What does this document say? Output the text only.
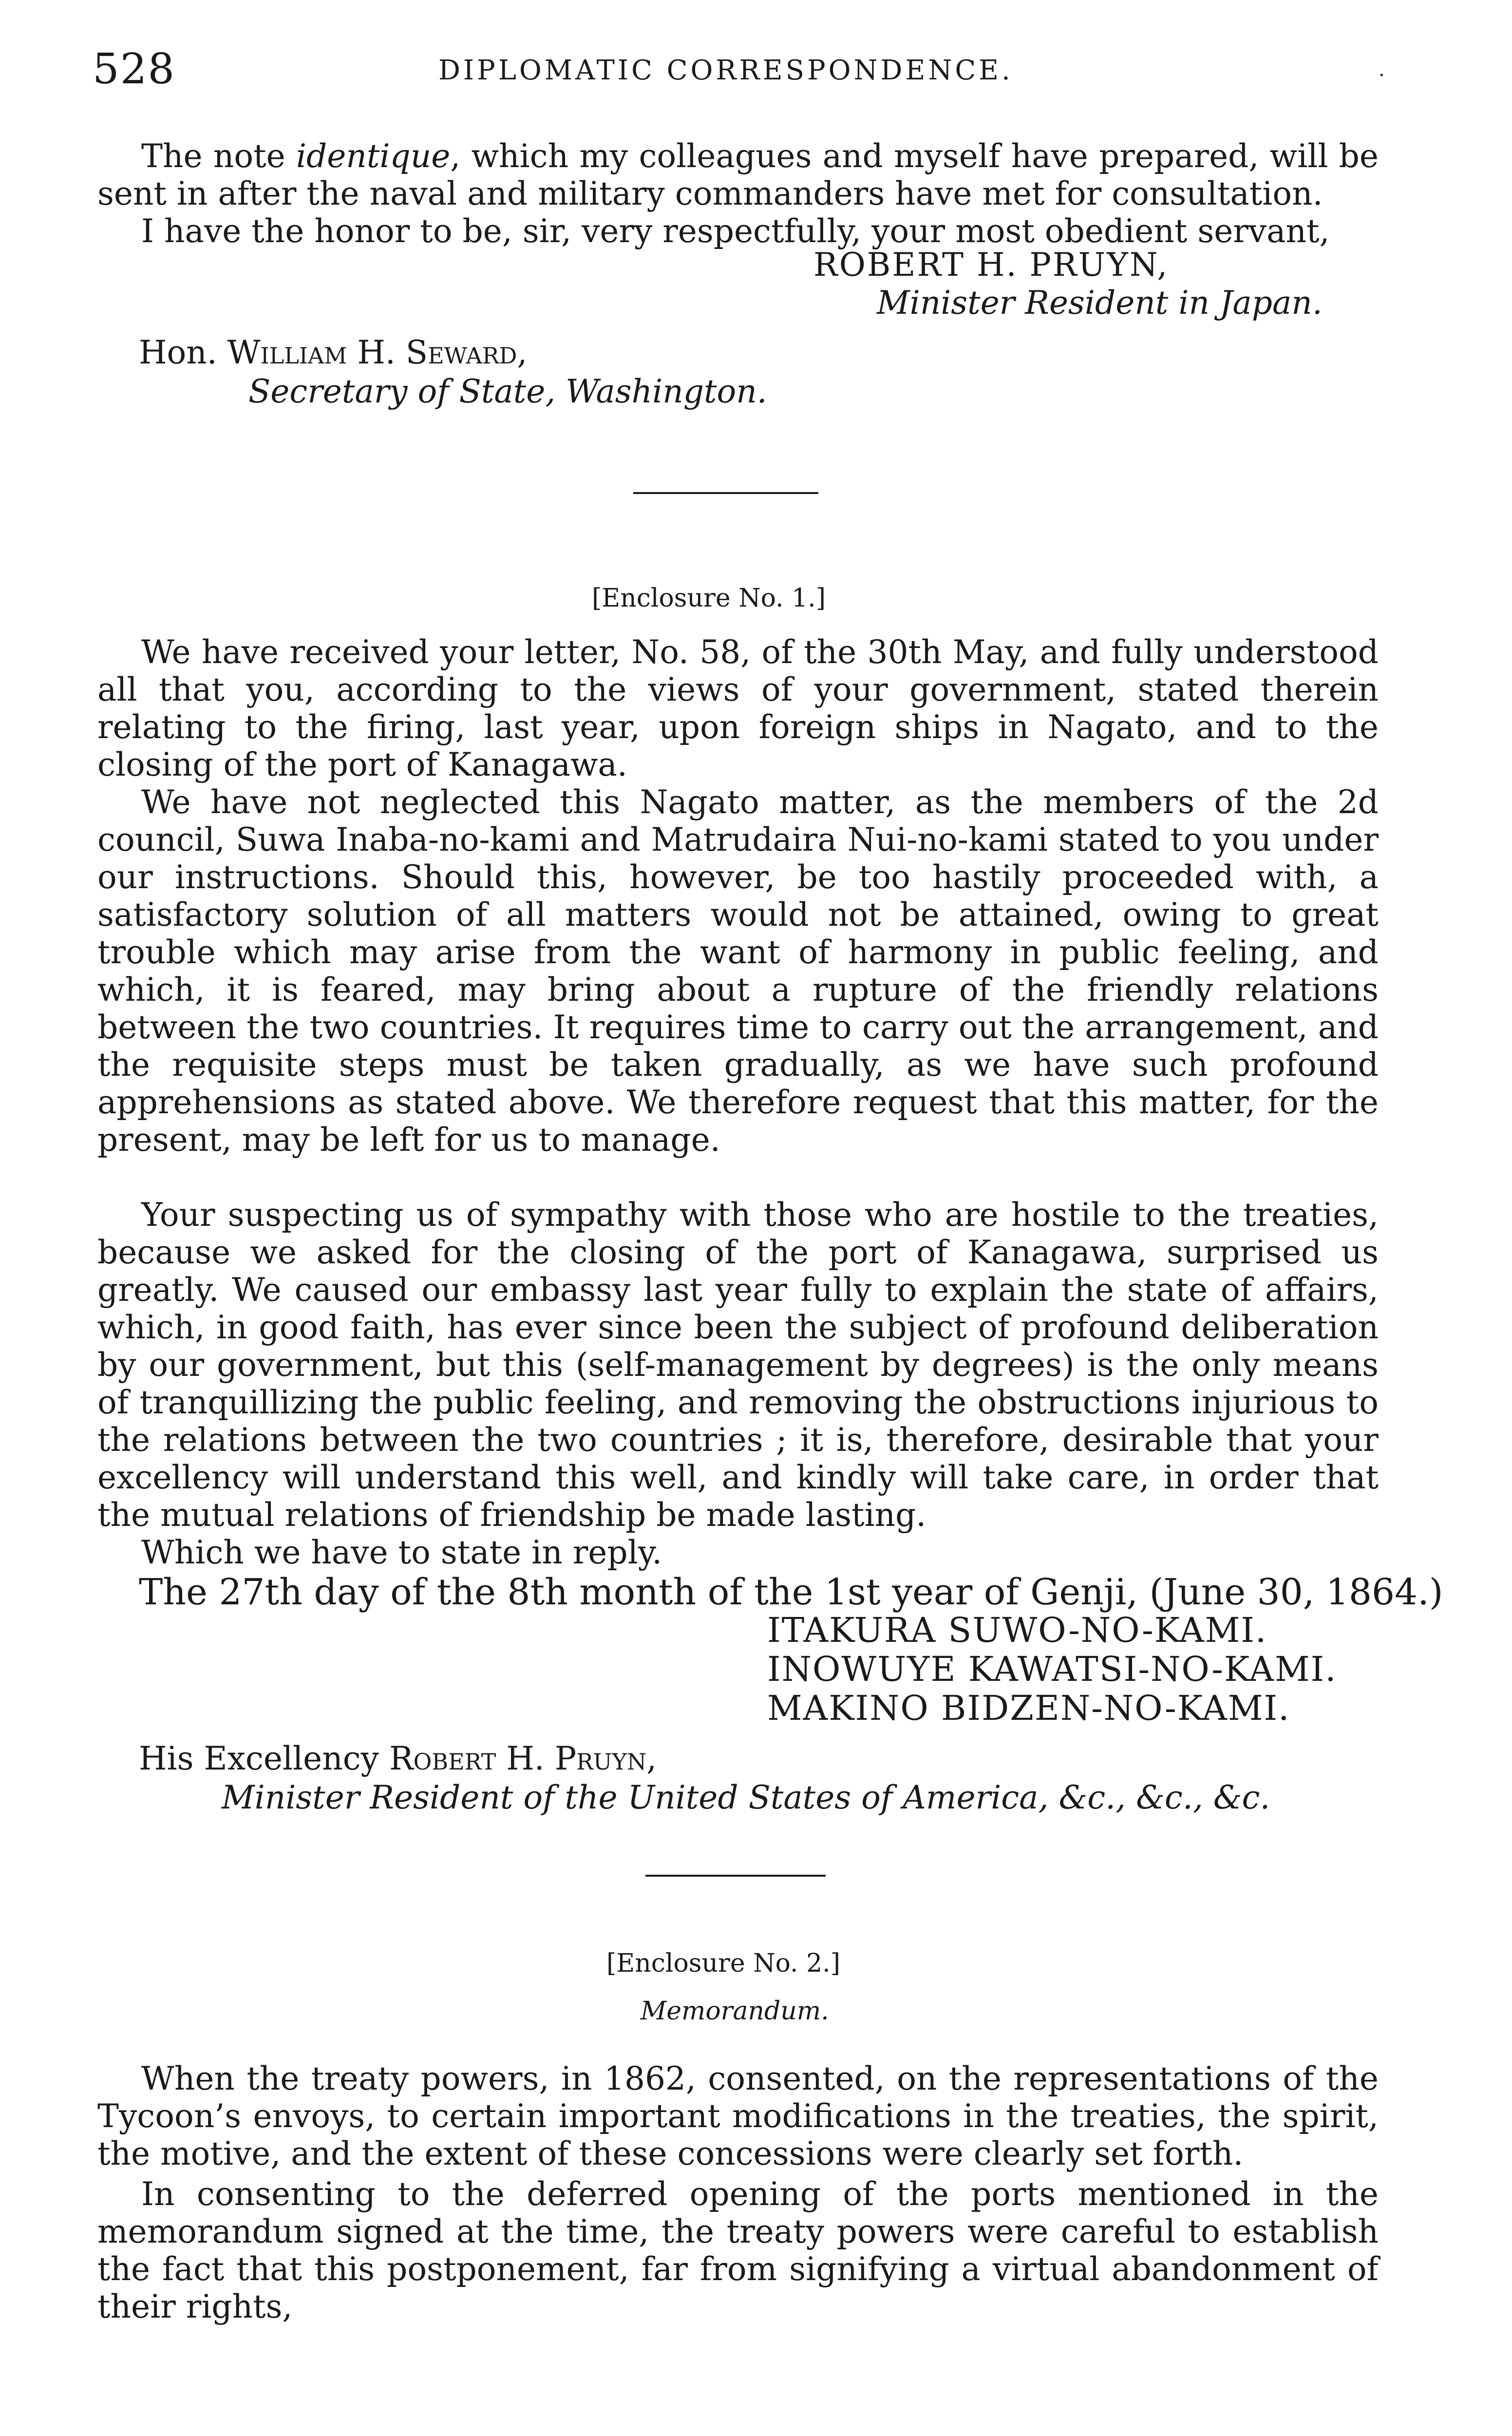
528	DIPLOMATIC CORRESPONDENCE.	.
The note identique, which my colleagues and myself have prepared, will be sent in after the naval and military commanders have met for consultation.
I have the honor to be, sir, very respectfully, your most obedient servant,
ROBERT H. PRUYN,
Minister Resident in Japan.
Hon. William H. Seward,
Secretary of State, Washington.
[Enclosure No. 1.]
We have received your letter, No. 58, of the 30th May, and fully understood all that you, according to the views of your government, stated therein relating to the firing, last year, upon foreign ships in Nagato, and to the closing of the port of Kanagawa.
We have not neglected this Nagato matter, as the members of the 2d council, Suwa Inaba-no-kami and Matrudaira Nui-no-kami stated to you under our instructions. Should this, however, be too hastily proceeded with, a satisfactory solution of all matters would not be attained, owing to great trouble which may arise from the want of harmony in public feeling, and which, it is feared, may bring about a rupture of the friendly relations between the two countries. It requires time to carry out the arrangement, and the requisite steps must be taken gradually, as we have such profound apprehensions as stated above. We therefore request that this matter, for the present, may be left for us to manage.
Your suspecting us of sympathy with those who are hostile to the treaties, because we asked for the closing of the port of Kanagawa, surprised us greatly. We caused our embassy last year fully to explain the state of affairs, which, in good faith, has ever since been the subject of profound deliberation by our government, but this (self-management by degrees) is the only means of tranquillizing the public feeling, and removing the obstructions injurious to the relations between the two countries ; it is, therefore, desirable that your excellency will understand this well, and kindly will take care, in order that the mutual relations of friendship be made lasting.
Which we have to state in reply.
The 27th day of the 8th month of the 1st year of Genji, (June 30, 1864.)
ITAKURA SUWO-NO-KAMI.
INOWUYE KAWATSI-NO-KAMI.
MAKINO BIDZEN-NO-KAMI.
His Excellency Robert H. Pruyn,
Minister Resident of the United States of America, &c., &c., &c.
[Enclosure No. 2.]
Memorandum.
When the treaty powers, in 1862, consented, on the representations of the Tycoon’s envoys, to certain important modifications in the treaties, the spirit, the motive, and the extent of these concessions were clearly set forth.
In consenting to the deferred opening of the ports mentioned in the memorandum signed at the time, the treaty powers were careful to establish the fact that this postponement, far from signifying a virtual abandonment of their rights,
